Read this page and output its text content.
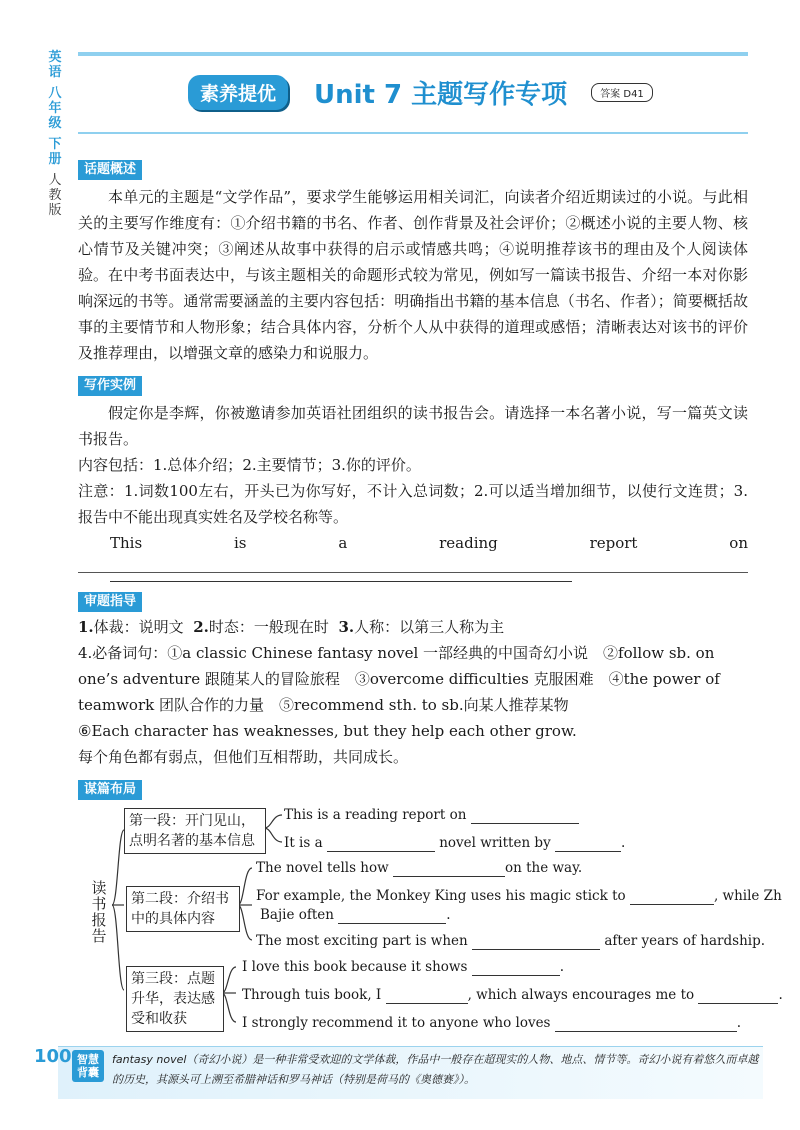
英语
八年级
下册
人教版
素养提优	Unit 7 主题写作专项	答案 D41
话题概述
本单元的主题是“文学作品”，要求学生能够运用相关词汇，向读者介绍近期读过的小说。与此相关的主要写作维度有：①介绍书籍的书名、作者、创作背景及社会评价；②概述小说的主要人物、核心情节及关键冲突；③阐述从故事中获得的启示或情感共鸣；④说明推荐该书的理由及个人阅读体验。 在中考书面表达中，与该主题相关的命题形式较为常见，例如写一篇读书报告、介绍一本对你影响深远的书等。通常需要涵盖的主要内容包括：明确指出书籍的基本信息（书名、作者）；简要概括故事的主要情节和人物形象；结合具体内容，分析个人从中获得的道理或感悟；清晰表达对该书的评价及推荐理由，以增强文章的感染力和说服力。
写作实例
假定你是李辉，你被邀请参加英语社团组织的读书报告会。请选择一本名著小说，写一篇英文读书报告。
内容包括：1.总体介绍；2.主要情节；3.你的评价。
注意：1.词数100左右，开头已为你写好，不计入总词数；2.可以适当增加细节，以使行文连贯；3.报告中不能出现真实姓名及学校名称等。
This is a reading report on
审题指导
1.体裁：说明文 2.时态：一般现在时 3.人称：以第三人称为主
4.必备词句：①a classic Chinese fantasy novel 一部经典的中国奇幻小说　②follow sb. on one’s adventure 跟随某人的冒险旅程　③overcome difficulties 克服困难　④the power of teamwork 团队合作的力量　⑤recommend sth. to sb.向某人推荐某物
⑥Each character has weaknesses, but they help each other grow.
每个角色都有弱点，但他们互相帮助，共同成长。
谋篇布局
读书报告
第一段：开门见山，点明名著的基本信息
This is a reading report on
It is a	novel written by	.
第二段：介绍书中的具体内容
The novel tells how	on the way.
For example, the Monkey King uses his magic stick to	, while Zh
Bajie often	.
The most exciting part is when	after years of hardship.
第三段：点题升华，表达感受和收获
I love this book because it shows	.
Through tuis book, I	, which always encourages me to	.
I strongly recommend it to anyone who loves	.
100 智慧背囊
fantasy novel（奇幻小说）是一种非常受欢迎的文学体裁，作品中一般存在超现实的人物、地点、情节等。奇幻小说有着悠久而卓越的历史，其源头可上溯至希腊神话和罗马神话（特别是荷马的《奥德赛》）。
